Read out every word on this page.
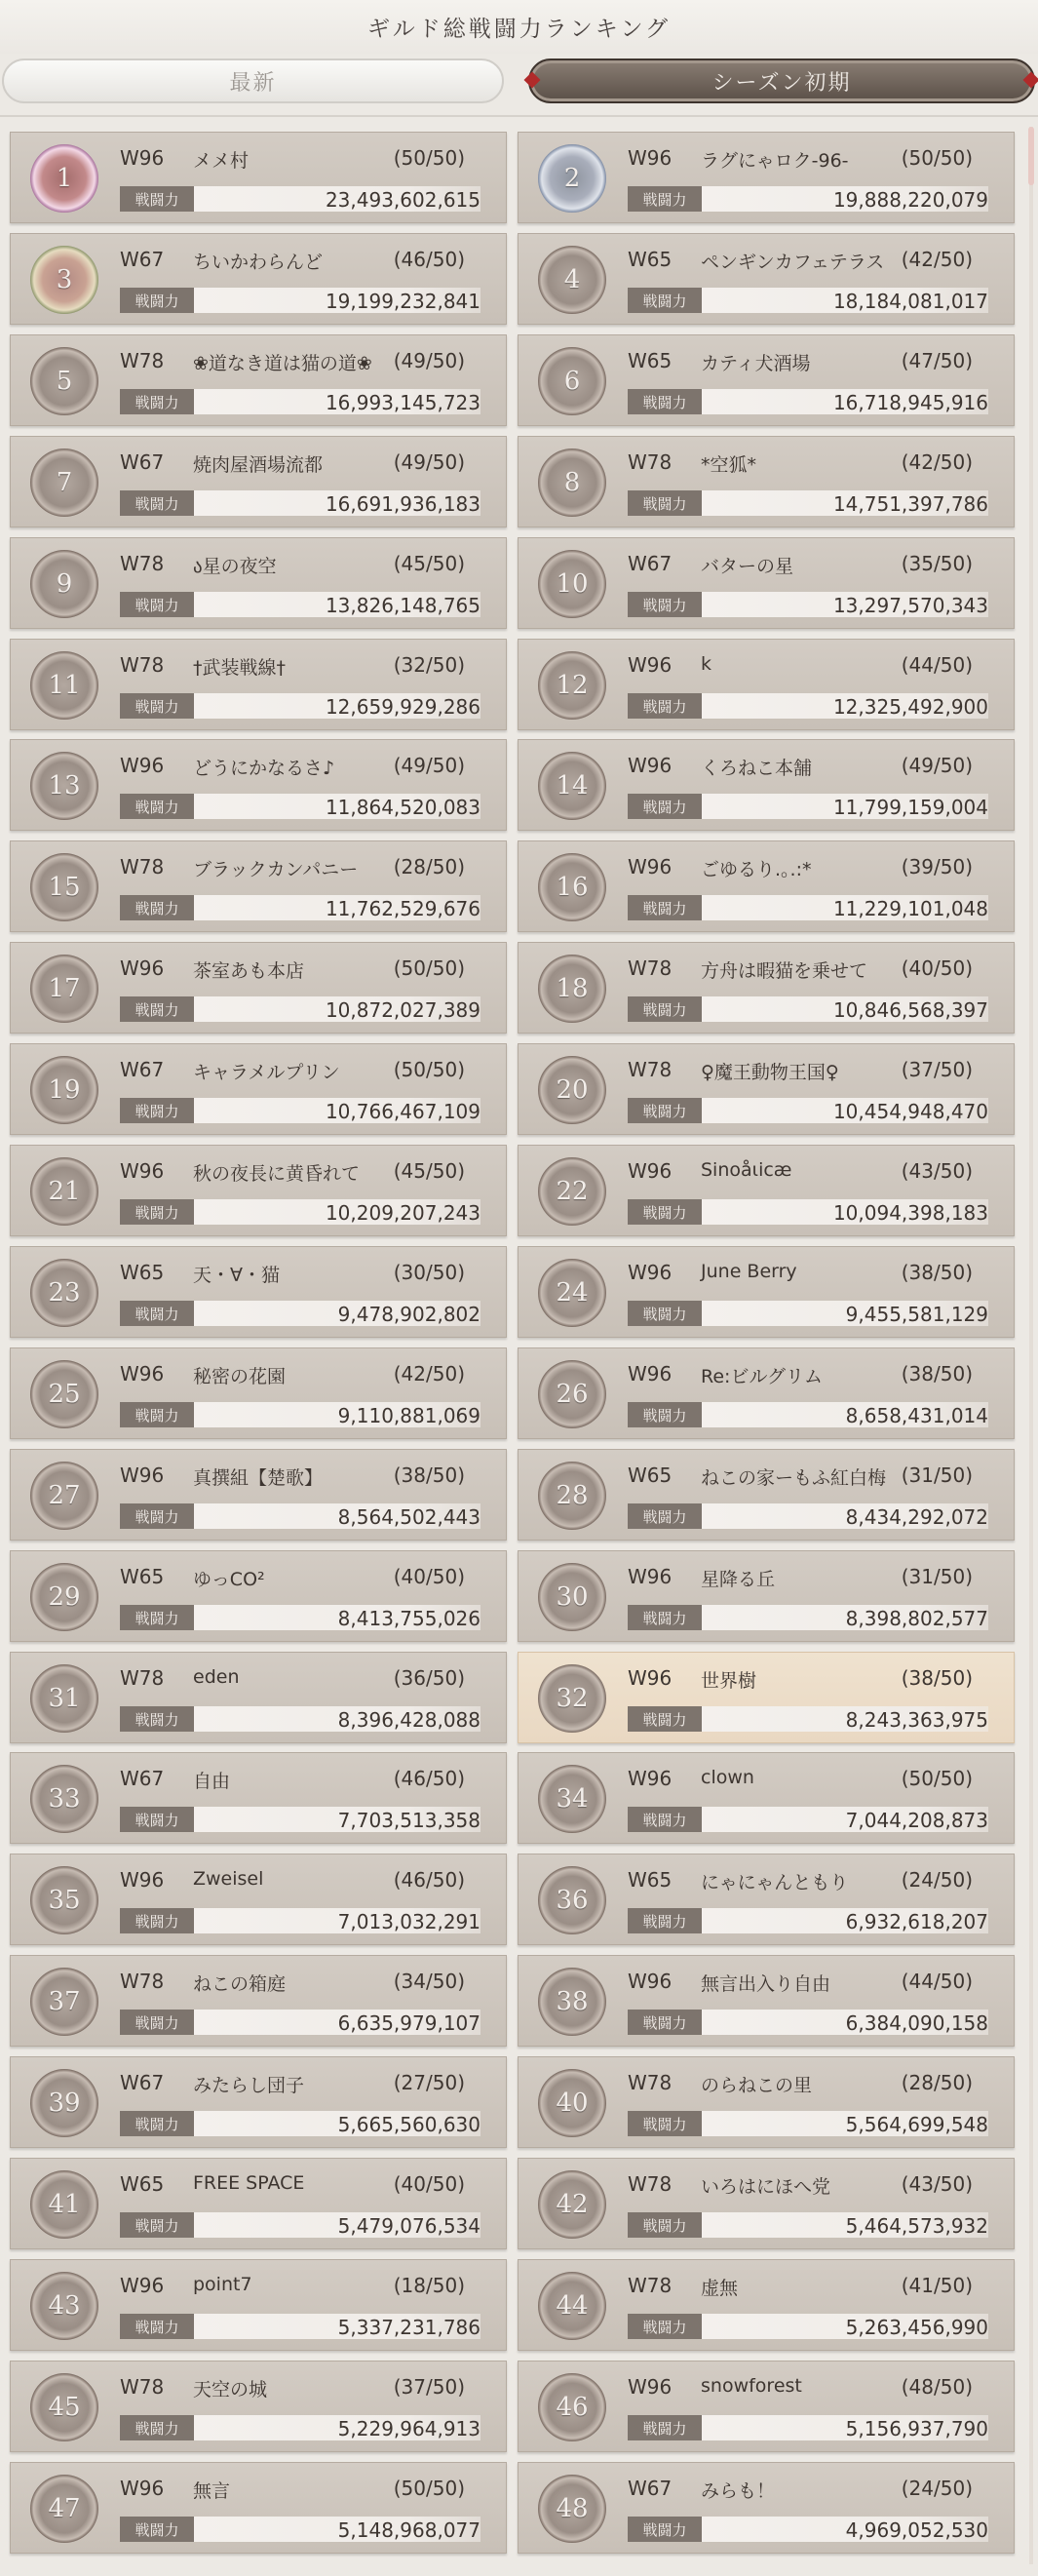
ギルド総戦闘力ランキング
最新	シーズン初期
1
W96 メメ村	(50/50)
戦闘力	23,493,602,615
2
W96 ラグにゃロク-96-	(50/50)
戦闘力	19,888,220,079
3
W67 ちいかわらんど	(46/50)
戦闘力	19,199,232,841
4
W65 ペンギンカフェテラス (42/50)
戦闘力	18,184,081,017
5
W78 ❀道なき道は猫の道❀ (49/50)
戦闘力	16,993,145,723
6
W65 カティ犬酒場	(47/50)
戦闘力	16,718,945,916
7
W67 焼肉屋酒場流都	(49/50)
戦闘力	16,691,936,183
8
W78 *空狐*	(42/50)
戦闘力	14,751,397,786
9
W78 ა星の夜空	(45/50)
戦闘力	13,826,148,765
10
W67 バターの星	(35/50)
戦闘力	13,297,570,343
11
W78 †武装戦線†	(32/50)
戦闘力	12,659,929,286
12
W96 k	(44/50)
戦闘力	12,325,492,900
13
W96 どうにかなるさ♪	(49/50)
戦闘力	11,864,520,083
14
W96 くろねこ本舗	(49/50)
戦闘力	11,799,159,004
15
W78 ブラックカンパニー (28/50)
戦闘力	11,762,529,676
16
W96 ごゆるり.｡.:*	(39/50)
戦闘力	11,229,101,048
17
W96 茶室あも本店	(50/50)
戦闘力	10,872,027,389
18
W78 方舟は暇猫を乗せて (40/50)
戦闘力	10,846,568,397
19
W67 キャラメルプリン	(50/50)
戦闘力	10,766,467,109
20
W78 ♀魔王動物王国♀	(37/50)
戦闘力	10,454,948,470
21
W96 秋の夜長に黄昏れて (45/50)
戦闘力	10,209,207,243
22
W96 Sinoåɩicæ	(43/50)
戦闘力	10,094,398,183
23
W65 天・∀・猫	(30/50)
戦闘力	9,478,902,802
24
W96 June Berry	(38/50)
戦闘力	9,455,581,129
25
W96 秘密の花園	(42/50)
戦闘力	9,110,881,069
26
W96 Re:ビルグリム	(38/50)
戦闘力	8,658,431,014
27
W96 真撰組【楚歌】	(38/50)
戦闘力	8,564,502,443
28
W65 ねこの家ーもふ紅白梅 (31/50)
戦闘力	8,434,292,072
29
W65 ゆっCO²	(40/50)
戦闘力	8,413,755,026
30
W96 星降る丘	(31/50)
戦闘力	8,398,802,577
31
W78 eden	(36/50)
戦闘力	8,396,428,088
32
W96 世界樹	(38/50)
戦闘力	8,243,363,975
33
W67 自由	(46/50)
戦闘力	7,703,513,358
34
W96 clown	(50/50)
戦闘力	7,044,208,873
35
W96 Zweisel	(46/50)
戦闘力	7,013,032,291
36
W65 にゃにゃんともり	(24/50)
戦闘力	6,932,618,207
37
W78 ねこの箱庭	(34/50)
戦闘力	6,635,979,107
38
W96 無言出入り自由	(44/50)
戦闘力	6,384,090,158
39
W67 みたらし団子	(27/50)
戦闘力	5,665,560,630
40
W78 のらねこの里	(28/50)
戦闘力	5,564,699,548
41
W65 FREE SPACE	(40/50)
戦闘力	5,479,076,534
42
W78 いろはにほへ党	(43/50)
戦闘力	5,464,573,932
43
W96 point7	(18/50)
戦闘力	5,337,231,786
44
W78 虚無	(41/50)
戦闘力	5,263,456,990
45
W78 天空の城	(37/50)
戦闘力	5,229,964,913
46
W96 snowforest	(48/50)
戦闘力	5,156,937,790
47
W96 無言	(50/50)
戦闘力	5,148,968,077
48
W67 みらも！	(24/50)
戦闘力	4,969,052,530
